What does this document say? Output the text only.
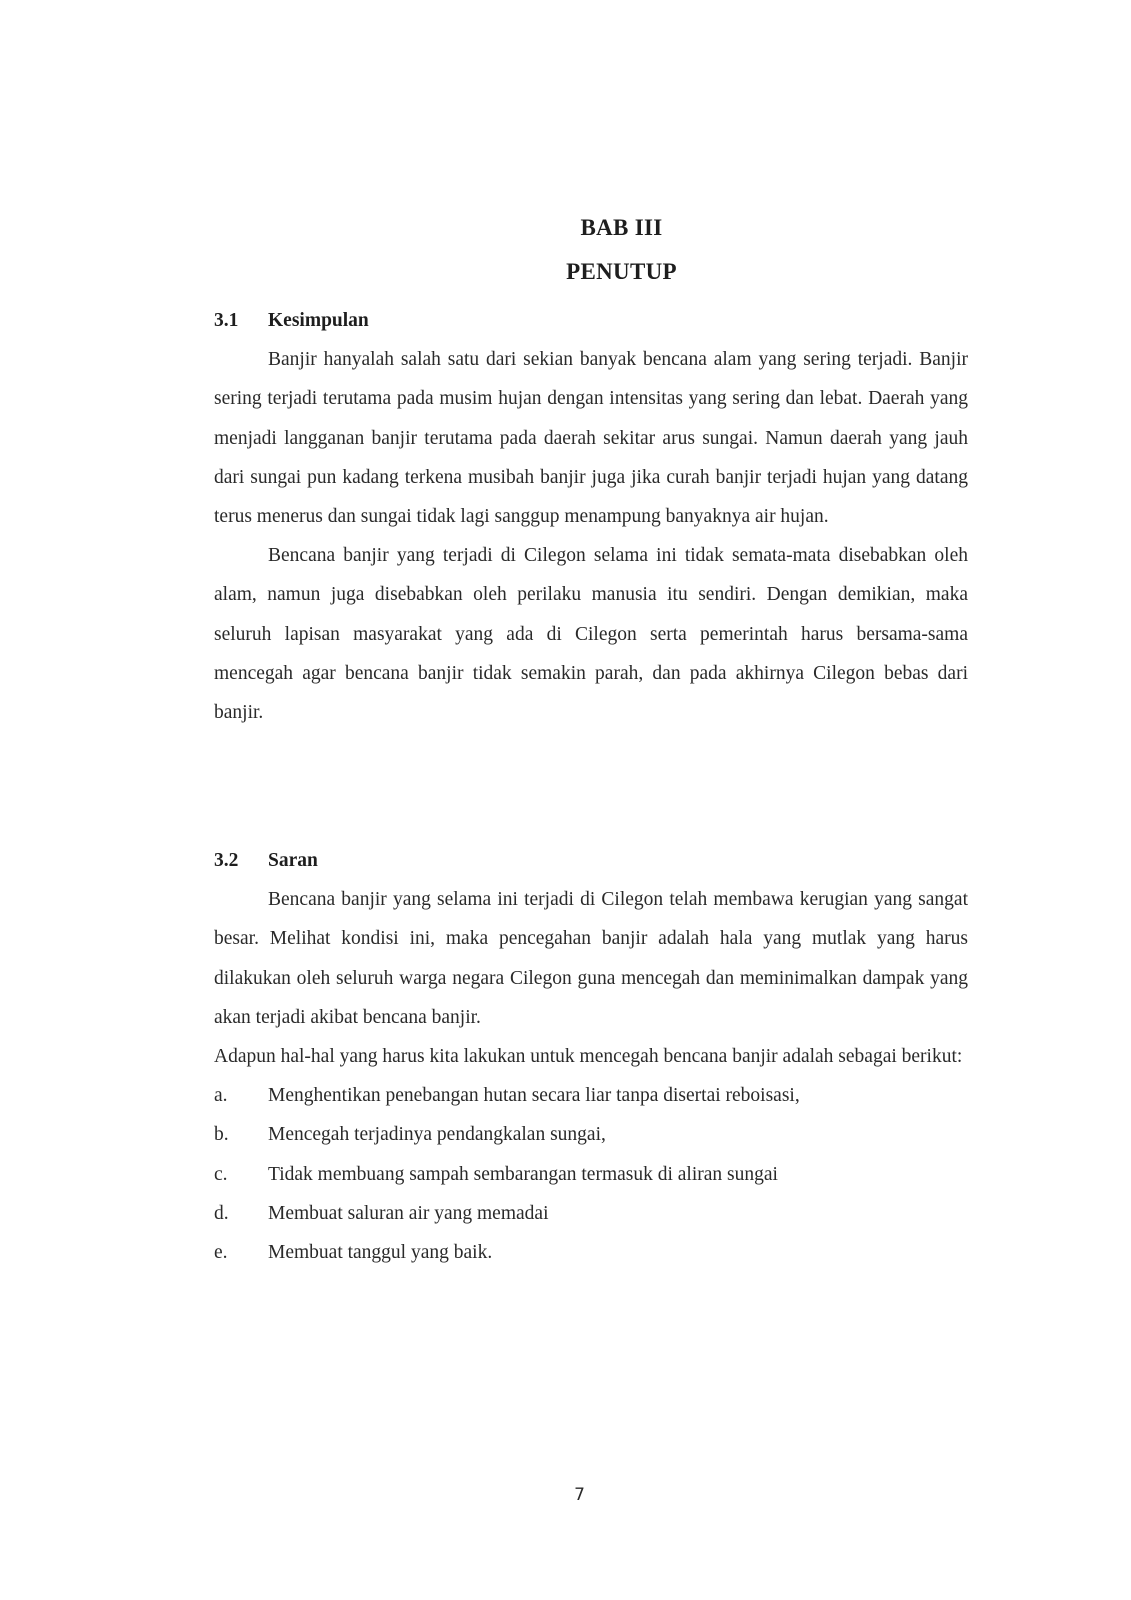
BAB III
PENUTUP
3.1	Kesimpulan

Banjir hanyalah salah satu dari sekian banyak bencana alam yang sering terjadi. Banjir sering terjadi terutama pada musim hujan dengan intensitas yang sering dan lebat. Daerah yang menjadi langganan banjir terutama pada daerah sekitar arus sungai. Namun daerah yang jauh dari sungai pun kadang terkena musibah banjir juga jika curah banjir terjadi hujan yang datang terus menerus dan sungai tidak lagi sanggup menampung banyaknya air hujan.

Bencana banjir yang terjadi di Cilegon selama ini tidak semata-mata disebabkan oleh alam, namun juga disebabkan oleh perilaku manusia itu sendiri. Dengan demikian, maka seluruh lapisan masyarakat yang ada di Cilegon serta pemerintah harus bersama-sama mencegah agar bencana banjir tidak semakin parah, dan pada akhirnya Cilegon bebas dari banjir.

3.2	Saran

Bencana banjir yang selama ini terjadi di Cilegon telah membawa kerugian yang sangat besar. Melihat kondisi ini, maka pencegahan banjir adalah hala yang mutlak yang harus dilakukan oleh seluruh warga negara Cilegon guna mencegah dan meminimalkan dampak yang akan terjadi akibat bencana banjir.

Adapun hal-hal yang harus kita lakukan untuk mencegah bencana banjir adalah sebagai berikut:

a.	Menghentikan penebangan hutan secara liar tanpa disertai reboisasi,
b.	Mencegah terjadinya pendangkalan sungai,
c.	Tidak membuang sampah sembarangan termasuk di aliran sungai
d.	Membuat saluran air yang memadai
e.	Membuat tanggul yang baik.
7
